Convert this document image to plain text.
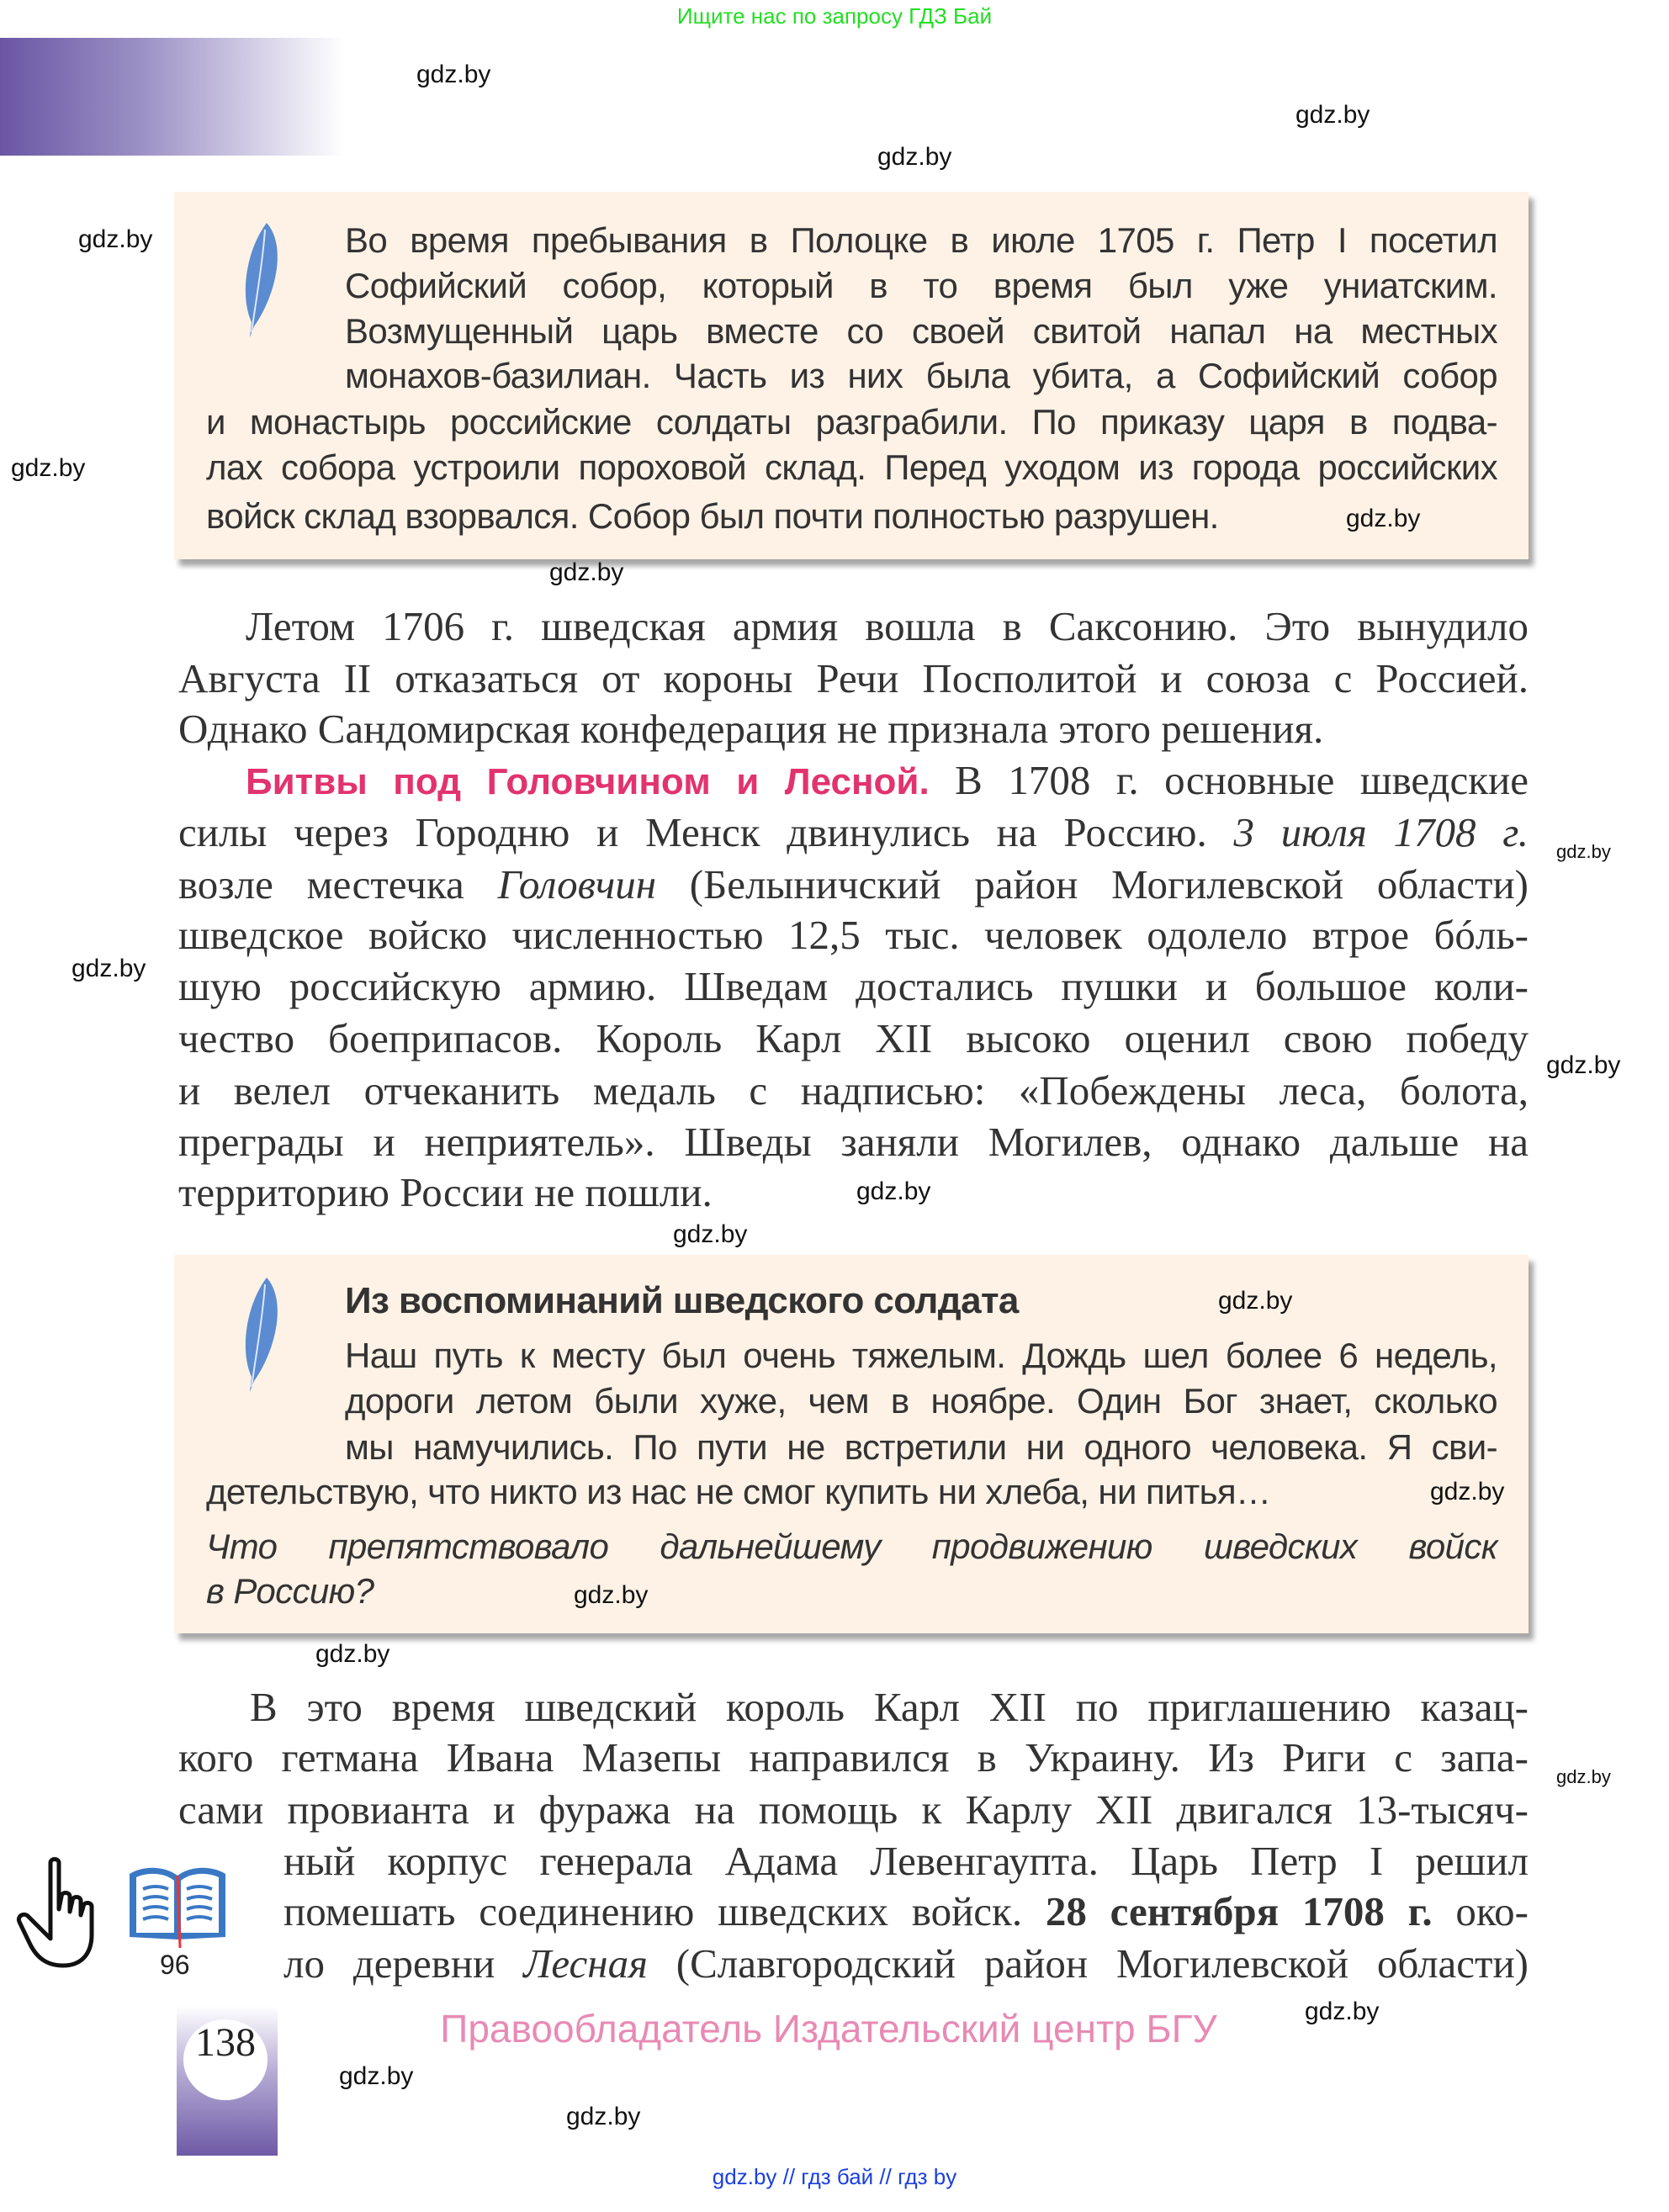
Ищите нас по запросу ГДЗ Бай
Из воспоминаний шведского солдата
Во время пребывания в Полоцке в июле 1705 г. Петр I посетил
Софийский собор, который в то время был уже униатским.
Возмущенный царь вместе со своей свитой напал на местных
монахов-базилиан. Часть из них была убита, а Софийский собор
и монастырь российские солдаты разграбили. По приказу царя в подва-
лах собора устроили пороховой склад. Перед уходом из города российских
войск склад взорвался. Собор был почти полностью разрушен.
Летом 1706 г. шведская армия вошла в Саксонию. Это вынудило
Августа II отказаться от короны Речи Посполитой и союза с Россией.
Однако Сандомирская конфедерация не признала этого решения.
Битвы под Головчином и Лесной. В 1708 г. основные шведские
силы через Городню и Менск двинулись на Россию. 3 июля 1708 г.
возле местечка Головчин (Белыничский район Могилевской области)
шведское войско численностью 12,5 тыс. человек одолело втрое бóль-
шую российскую армию. Шведам достались пушки и большое коли-
чество боеприпасов. Король Карл XII высоко оценил свою победу
и велел отчеканить медаль с надписью: «Побеждены леса, болота,
преграды и неприятель». Шведы заняли Могилев, однако дальше на
территорию России не пошли.
Наш путь к месту был очень тяжелым. Дождь шел более 6 недель,
дороги летом были хуже, чем в ноябре. Один Бог знает, сколько
мы намучились. По пути не встретили ни одного человека. Я сви-
детельствую, что никто из нас не смог купить ни хлеба, ни питья…
Что препятствовало дальнейшему продвижению шведских войск
в Россию?
В это время шведский король Карл XII по приглашению казац-
кого гетмана Ивана Мазепы направился в Украину. Из Риги с запа-
сами провианта и фуража на помощь к Карлу XII двигался 13-тысяч-
ный корпус генерала Адама Левенгаупта. Царь Петр I решил
помешать соединению шведских войск. 28 сентября 1708 г. око-
ло деревни Лесная (Славгородский район Могилевской области)
96
Правообладатель Издательский центр БГУ
138
gdz.by // гдз бай // гдз by
gdz.by
gdz.by
gdz.by
gdz.by
gdz.by
gdz.by
gdz.by
gdz.by
gdz.by
gdz.by
gdz.by
gdz.by
gdz.by
gdz.by
gdz.by
gdz.by
gdz.by
gdz.by
gdz.by
gdz.by
